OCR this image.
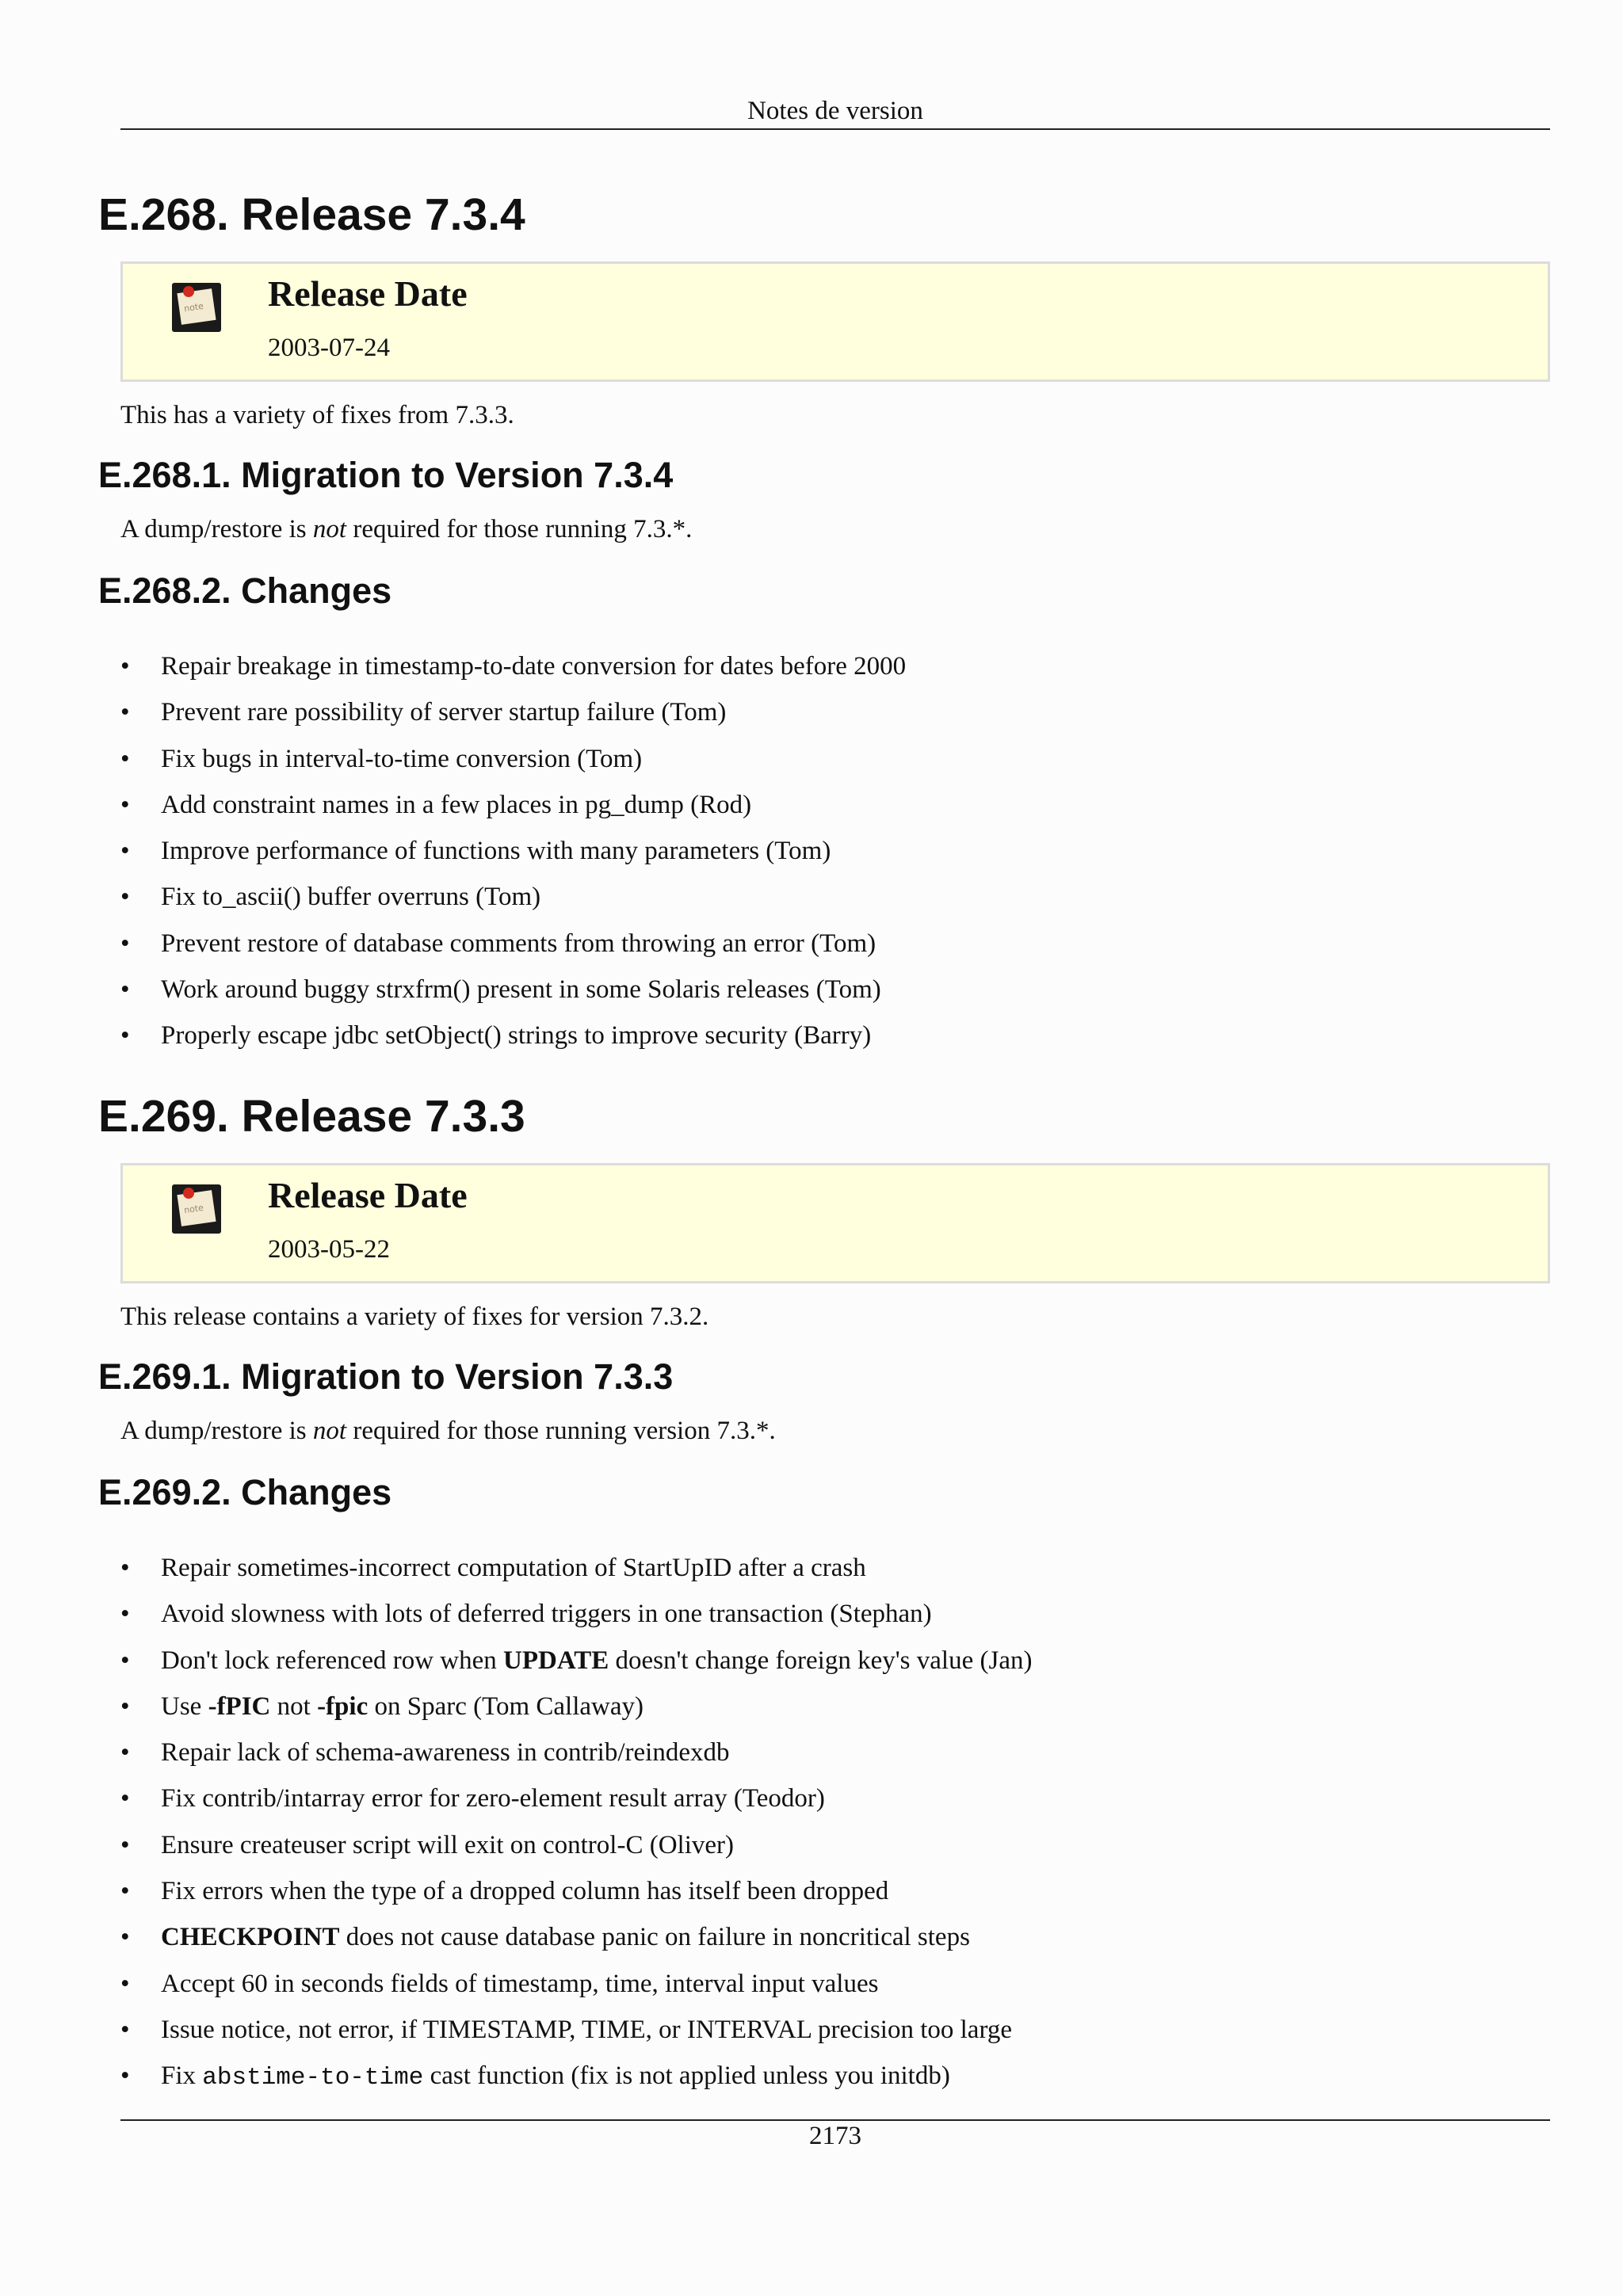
Notes de version
E.268. Release 7.3.4
note Release Date
2003-07-24

This has a variety of fixes from 7.3.3.

E.268.1. Migration to Version 7.3.4

A dump/restore is not required for those running 7.3.*.

E.268.2. Changes
• Repair breakage in timestamp-to-date conversion for dates before 2000
• Prevent rare possibility of server startup failure (Tom)
• Fix bugs in interval-to-time conversion (Tom)
• Add constraint names in a few places in pg_dump (Rod)
• Improve performance of functions with many parameters (Tom)
• Fix to_ascii() buffer overruns (Tom)
• Prevent restore of database comments from throwing an error (Tom)
• Work around buggy strxfrm() present in some Solaris releases (Tom)
• Properly escape jdbc setObject() strings to improve security (Barry)
E.269. Release 7.3.3
note Release Date
2003-05-22

This release contains a variety of fixes for version 7.3.2.

E.269.1. Migration to Version 7.3.3

A dump/restore is not required for those running version 7.3.*.

E.269.2. Changes
• Repair sometimes-incorrect computation of StartUpID after a crash
• Avoid slowness with lots of deferred triggers in one transaction (Stephan)
• Don't lock referenced row when UPDATE doesn't change foreign key's value (Jan)
• Use -fPIC not -fpic on Sparc (Tom Callaway)
• Repair lack of schema-awareness in contrib/reindexdb
• Fix contrib/intarray error for zero-element result array (Teodor)
• Ensure createuser script will exit on control-C (Oliver)
• Fix errors when the type of a dropped column has itself been dropped
• CHECKPOINT does not cause database panic on failure in noncritical steps
• Accept 60 in seconds fields of timestamp, time, interval input values
• Issue notice, not error, if TIMESTAMP, TIME, or INTERVAL precision too large
• Fix abstime-to-time cast function (fix is not applied unless you initdb)
2173
